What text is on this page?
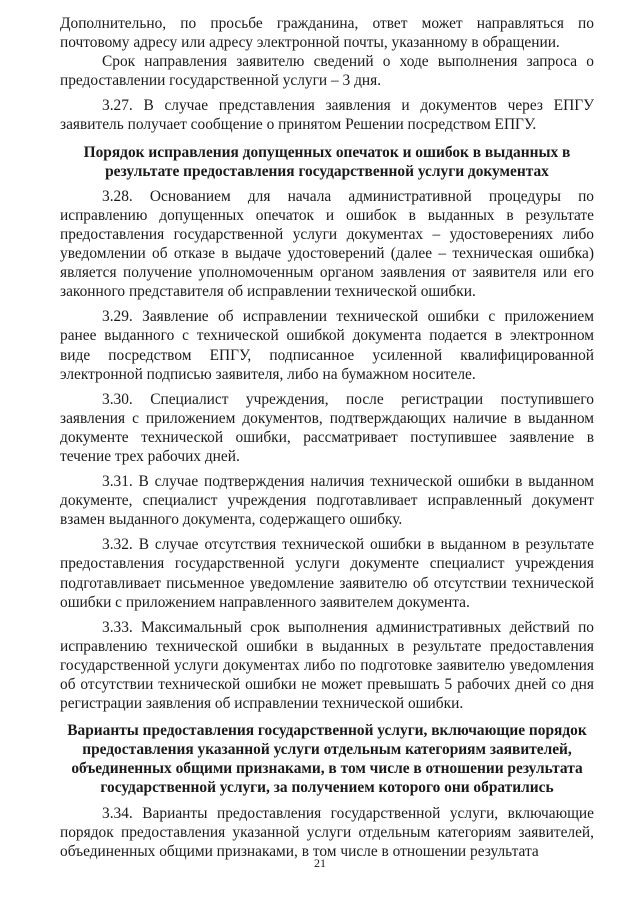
Дополнительно, по просьбе гражданина, ответ может направляться по почтовому адресу или адресу электронной почты, указанному в обращении.

Срок направления заявителю сведений о ходе выполнения запроса о предоставлении государственной услуги – 3 дня.

3.27. В случае представления заявления и документов через ЕПГУ заявитель получает сообщение о принятом Решении посредством ЕПГУ.

Порядок исправления допущенных опечаток и ошибок в выданных в результате предоставления государственной услуги документах

3.28. Основанием для начала административной процедуры по исправлению допущенных опечаток и ошибок в выданных в результате предоставления государственной услуги документах – удостоверениях либо уведомлении об отказе в выдаче удостоверений (далее – техническая ошибка) является получение уполномоченным органом заявления от заявителя или его законного представителя об исправлении технической ошибки.

3.29. Заявление об исправлении технической ошибки с приложением ранее выданного с технической ошибкой документа подается в электронном виде посредством ЕПГУ, подписанное усиленной квалифицированной электронной подписью заявителя, либо на бумажном носителе.

3.30. Специалист учреждения, после регистрации поступившего заявления с приложением документов, подтверждающих наличие в выданном документе технической ошибки, рассматривает поступившее заявление в течение трех рабочих дней.

3.31. В случае подтверждения наличия технической ошибки в выданном документе, специалист учреждения подготавливает исправленный документ взамен выданного документа, содержащего ошибку.

3.32. В случае отсутствия технической ошибки в выданном в результате предоставления государственной услуги документе специалист учреждения подготавливает письменное уведомление заявителю об отсутствии технической ошибки с приложением направленного заявителем документа.

3.33. Максимальный срок выполнения административных действий по исправлению технической ошибки в выданных в результате предоставления государственной услуги документах либо по подготовке заявителю уведомления об отсутствии технической ошибки не может превышать 5 рабочих дней со дня регистрации заявления об исправлении технической ошибки.

Варианты предоставления государственной услуги, включающие порядок предоставления указанной услуги отдельным категориям заявителей, объединенных общими признаками, в том числе в отношении результата государственной услуги, за получением которого они обратились

3.34. Варианты предоставления государственной услуги, включающие порядок предоставления указанной услуги отдельным категориям заявителей, объединенных общими признаками, в том числе в отношении результата

21
